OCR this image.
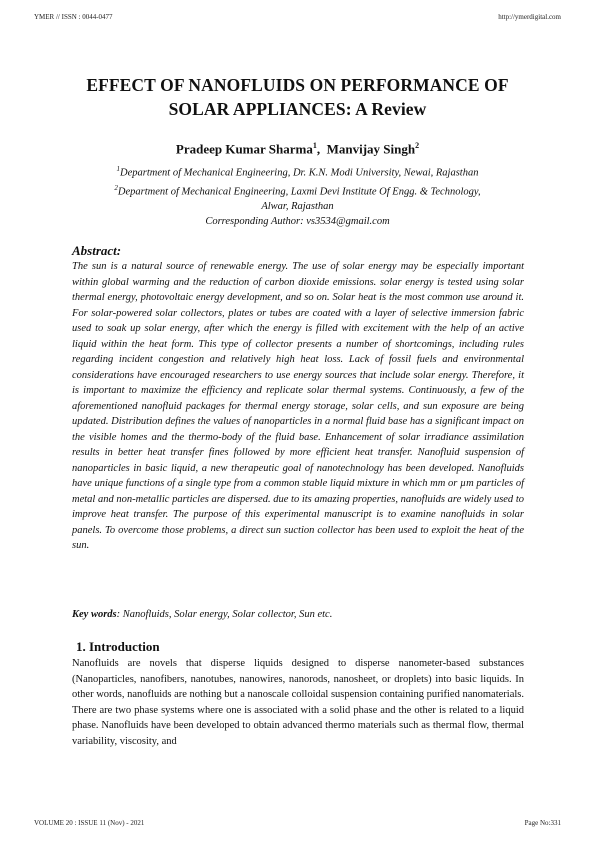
YMER // ISSN : 0044-0477	http://ymerdigital.com
EFFECT OF NANOFLUIDS ON PERFORMANCE OF
SOLAR APPLIANCES: A Review
Pradeep Kumar Sharma$^1$,  Manvijay Singh$^2$
$^1$Department of Mechanical Engineering, Dr. K.N. Modi University, Newai, Rajasthan
$^2$Department of Mechanical Engineering, Laxmi Devi Institute Of Engg. & Technology,
Alwar, Rajasthan
Corresponding Author: vs3534@gmail.com
Abstract:
The sun is a natural source of renewable energy. The use of solar energy may be especially important within global warming and the reduction of carbon dioxide emissions. solar energy is tested using solar thermal energy, photovoltaic energy development, and so on. Solar heat is the most common use around it. For solar-powered solar collectors, plates or tubes are coated with a layer of selective immersion fabric used to soak up solar energy, after which the energy is filled with excitement with the help of an active liquid within the heat form. This type of collector presents a number of shortcomings, including rules regarding incident congestion and relatively high heat loss. Lack of fossil fuels and environmental considerations have encouraged researchers to use energy sources that include solar energy. Therefore, it is important to maximize the efficiency and replicate solar thermal systems. Continuously, a few of the aforementioned nanofluid packages for thermal energy storage, solar cells, and sun exposure are being updated. Distribution defines the values of nanoparticles in a normal fluid base has a significant impact on the visible homes and the thermo-body of the fluid base. Enhancement of solar irradiance assimilation results in better heat transfer fines followed by more efficient heat transfer. Nanofluid suspension of nanoparticles in basic liquid, a new therapeutic goal of nanotechnology has been developed. Nanofluids have unique functions of a single type from a common stable liquid mixture in which mm or µm particles of metal and non-metallic particles are dispersed. due to its amazing properties, nanofluids are widely used to improve heat transfer. The purpose of this experimental manuscript is to examine nanofluids in solar panels. To overcome those problems, a direct sun suction collector has been used to exploit the heat of the sun.
Key words: Nanofluids, Solar energy, Solar collector, Sun etc.
1. Introduction
Nanofluids are novels that disperse liquids designed to disperse nanometer-based substances (Nanoparticles, nanofibers, nanotubes, nanowires, nanorods, nanosheet, or droplets) into basic liquids. In other words, nanofluids are nothing but a nanoscale colloidal suspension containing purified nanomaterials. There are two phase systems where one is associated with a solid phase and the other is related to a liquid phase. Nanofluids have been developed to obtain advanced thermo materials such as thermal flow, thermal variability, viscosity, and
VOLUME 20 : ISSUE 11 (Nov) - 2021	Page No:331
